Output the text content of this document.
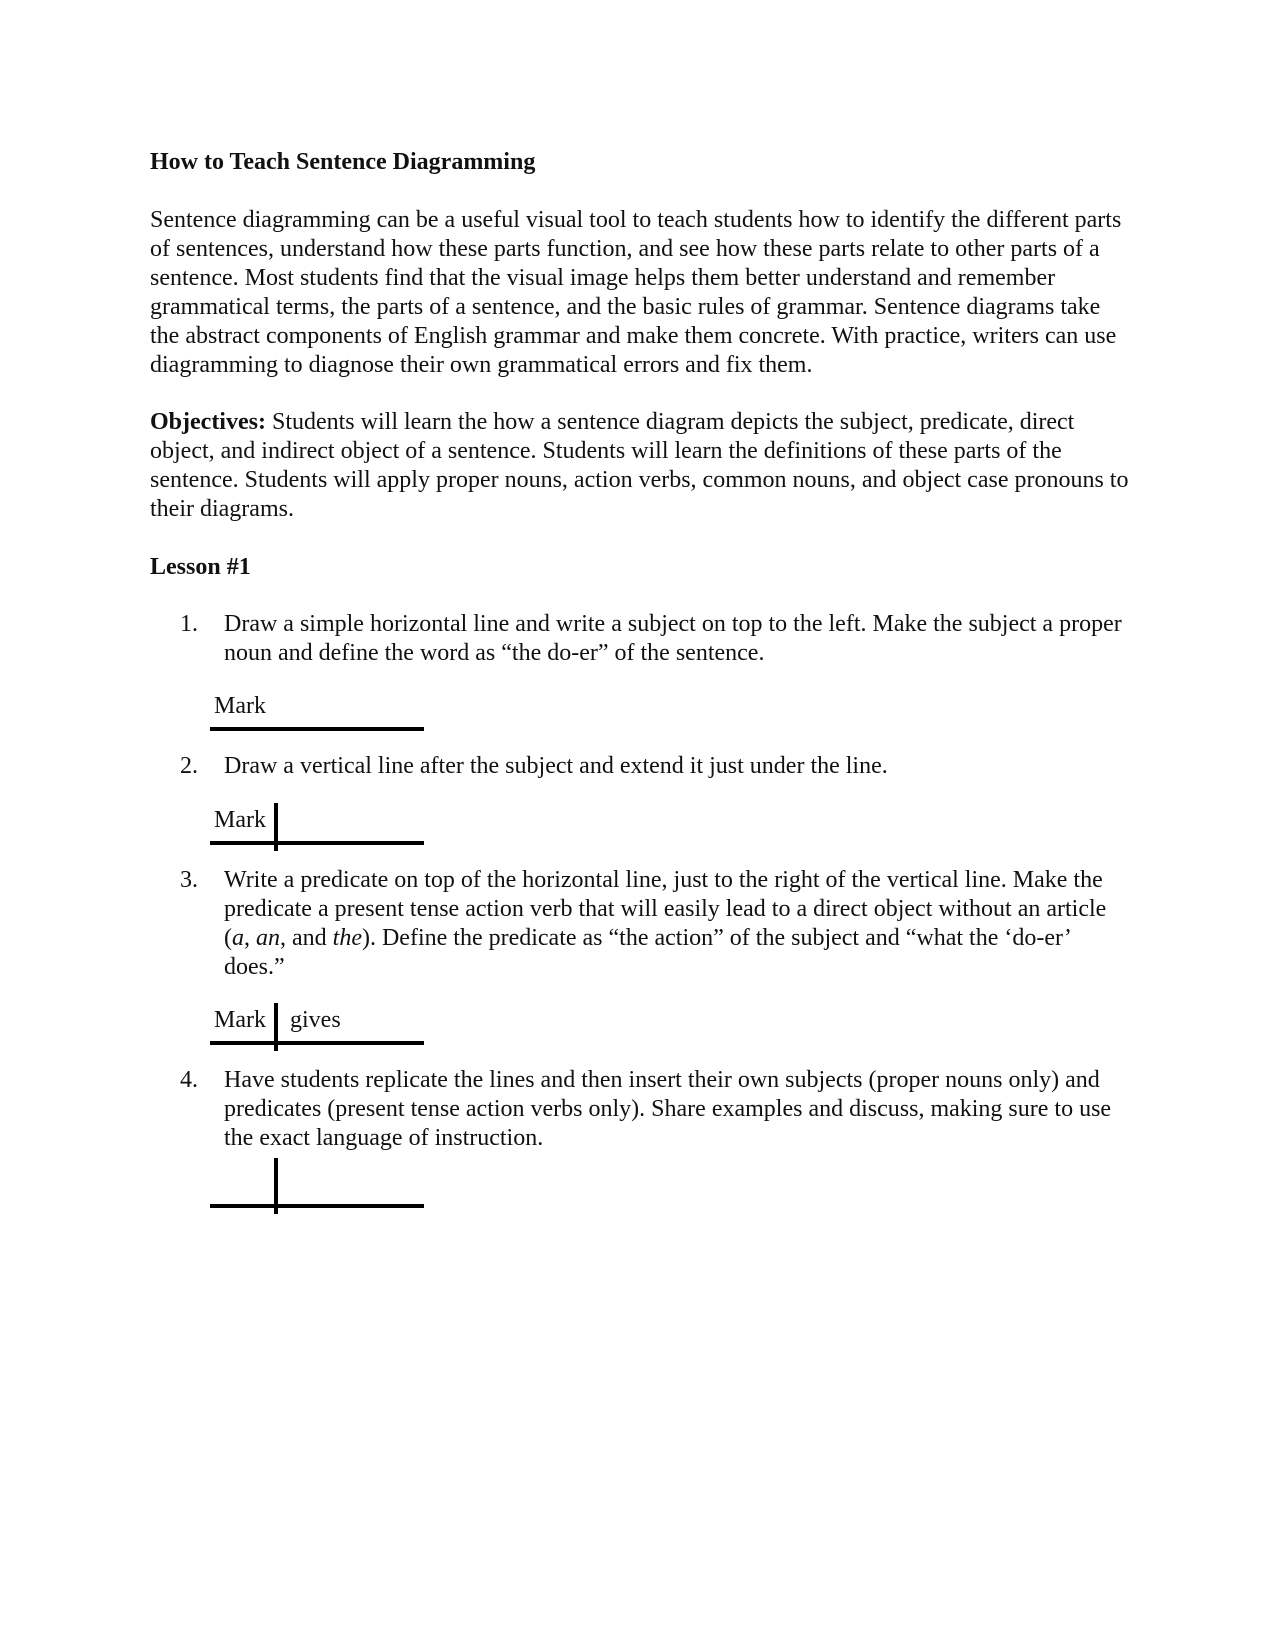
How to Teach Sentence Diagramming
Sentence diagramming can be a useful visual tool to teach students how to identify the different parts of sentences, understand how these parts function, and see how these parts relate to other parts of a sentence. Most students find that the visual image helps them better understand and remember grammatical terms, the parts of a sentence, and the basic rules of grammar. Sentence diagrams take the abstract components of English grammar and make them concrete. With practice, writers can use diagramming to diagnose their own grammatical errors and fix them.
Objectives: Students will learn the how a sentence diagram depicts the subject, predicate, direct object, and indirect object of a sentence. Students will learn the definitions of these parts of the sentence. Students will apply proper nouns, action verbs, common nouns, and object case pronouns to their diagrams.
Lesson #1
1.	Draw a simple horizontal line and write a subject on top to the left. Make the subject a proper noun and define the word as “the do-er” of the sentence.
Mark
2.	Draw a vertical line after the subject and extend it just under the line.
Mark
3.	Write a predicate on top of the horizontal line, just to the right of the vertical line. Make the predicate a present tense action verb that will easily lead to a direct object without an article (a, an, and the). Define the predicate as “the action” of the subject and “what the ‘do-er’ does.”
Mark gives
4.	Have students replicate the lines and then insert their own subjects (proper nouns only) and predicates (present tense action verbs only). Share examples and discuss, making sure to use the exact language of instruction.
